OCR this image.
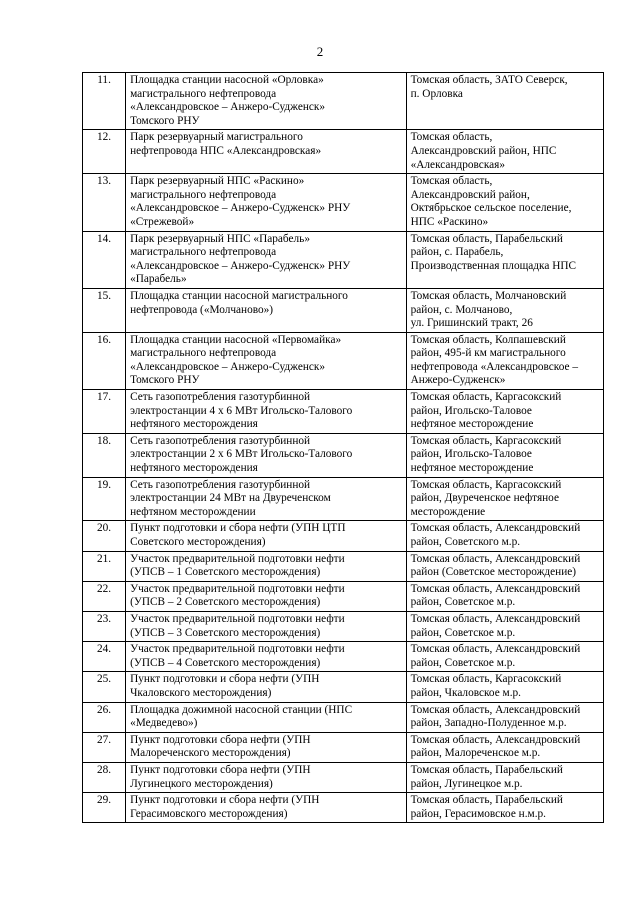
2
11.	Площадка станции насосной «Орловка»
магистрального нефтепровода
«Александровское – Анжеро-Судженск»
Томского РНУ	Томская область, ЗАТО Северск,
п. Орловка

12.	Парк резервуарный магистрального
нефтепровода НПС «Александровская»	Томская область,
Александровский район, НПС
«Александровская»

13.	Парк резервуарный НПС «Раскино»
магистрального нефтепровода
«Александровское – Анжеро-Судженск» РНУ
«Стрежевой»	Томская область,
Александровский район,
Октябрьское сельское поселение,
НПС «Раскино»

14.	Парк резервуарный НПС «Парабель»
магистрального нефтепровода
«Александровское – Анжеро-Судженск» РНУ
«Парабель»	Томская область, Парабельский
район, с. Парабель,
Производственная площадка НПС

15.	Площадка станции насосной магистрального
нефтепровода («Молчаново»)	Томская область, Молчановский
район, с. Молчаново,
ул. Гришинский тракт, 26

16.	Площадка станции насосной «Первомайка»
магистрального нефтепровода
«Александровское – Анжеро-Судженск»
Томского РНУ	Томская область, Колпашевский
район, 495-й км магистрального
нефтепровода «Александровское –
Анжеро-Судженск»

17.	Сеть газопотребления газотурбинной
электростанции 4 х 6 МВт Игольско-Талового
нефтяного месторождения	Томская область, Каргасокский
район, Игольско-Таловое
нефтяное месторождение

18.	Сеть газопотребления газотурбинной
электростанции 2 х 6 МВт Игольско-Талового
нефтяного месторождения	Томская область, Каргасокский
район, Игольско-Таловое
нефтяное месторождение

19.	Сеть газопотребления газотурбинной
электростанции 24 МВт на Двуреченском
нефтяном месторождении	Томская область, Каргасокский
район, Двуреченское нефтяное
месторождение

20.	Пункт подготовки и сбора нефти (УПН ЦТП
Советского месторождения)	Томская область, Александровский
район, Советского м.р.

21.	Участок предварительной подготовки нефти
(УПСВ – 1 Советского месторождения)	Томская область, Александровский
район (Советское месторождение)

22.	Участок предварительной подготовки нефти
(УПСВ – 2 Советского месторождения)	Томская область, Александровский
район, Советское м.р.

23.	Участок предварительной подготовки нефти
(УПСВ – 3 Советского месторождения)	Томская область, Александровский
район, Советское м.р.

24.	Участок предварительной подготовки нефти
(УПСВ – 4 Советского месторождения)	Томская область, Александровский
район, Советское м.р.

25.	Пункт подготовки и сбора нефти (УПН
Чкаловского месторождения)	Томская область, Каргасокский
район, Чкаловское м.р.

26.	Площадка дожимной насосной станции (НПС
«Медведево»)	Томская область, Александровский
район, Западно-Полуденное м.р.

27.	Пункт подготовки сбора нефти (УПН
Малореченского месторождения)	Томская область, Александровский
район, Малореченское м.р.

28.	Пункт подготовки сбора нефти (УПН
Лугинецкого месторождения)	Томская область, Парабельский
район, Лугинецкое м.р.

29.	Пункт подготовки и сбора нефти (УПН
Герасимовского месторождения)	Томская область, Парабельский
район, Герасимовское н.м.р.
